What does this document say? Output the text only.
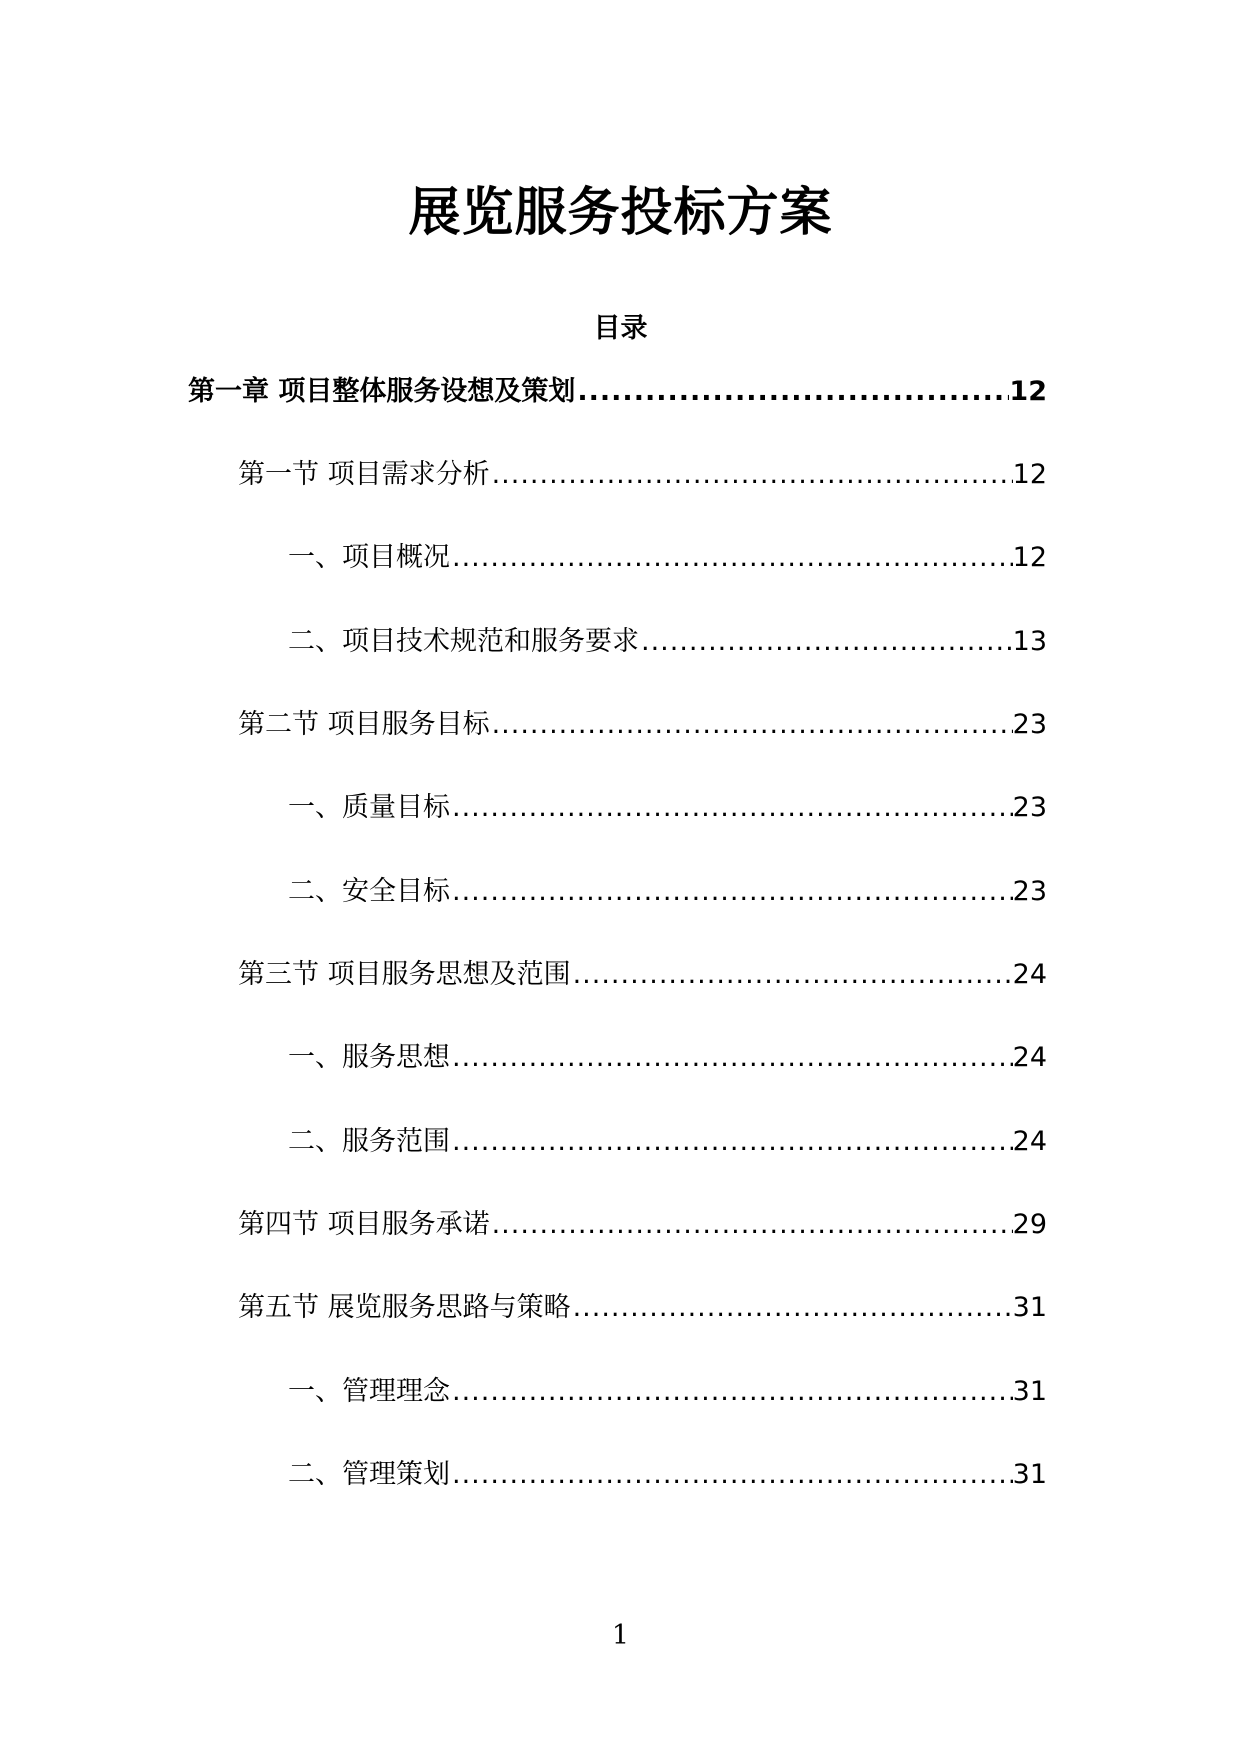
展览服务投标方案
目录
第一章 项目整体服务设想及策划 .....	12
第一节 项目需求分析 .....	12
一、项目概况 .....	12
二、项目技术规范和服务要求 .....	13
第二节 项目服务目标 .....	23
一、质量目标 .....	23
二、安全目标 .....	23
第三节 项目服务思想及范围 .....	24
一、服务思想 .....	24
二、服务范围 .....	24
第四节 项目服务承诺 .....	29
第五节 展览服务思路与策略 .....	31
一、管理理念 .....	31
二、管理策划 .....	31
1
